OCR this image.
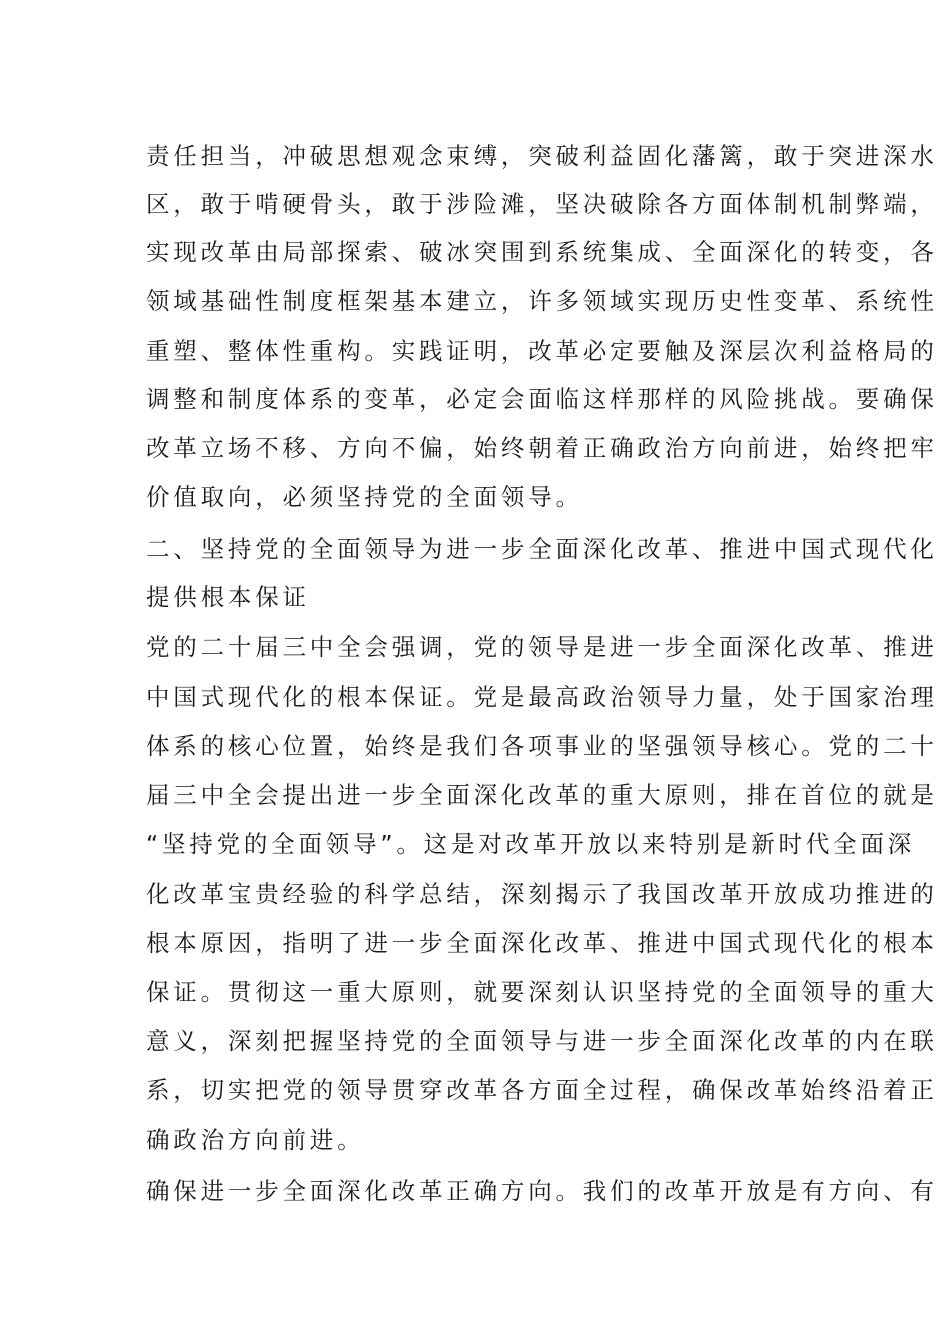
责任担当，冲破思想观念束缚，突破利益固化藩篱，敢于突进深水
区，敢于啃硬骨头，敢于涉险滩，坚决破除各方面体制机制弊端，
实现改革由局部探索、破冰突围到系统集成、全面深化的转变，各
领域基础性制度框架基本建立，许多领域实现历史性变革、系统性
重塑、整体性重构。实践证明，改革必定要触及深层次利益格局的
调整和制度体系的变革，必定会面临这样那样的风险挑战。要确保
改革立场不移、方向不偏，始终朝着正确政治方向前进，始终把牢
价值取向，必须坚持党的全面领导。
二、坚持党的全面领导为进一步全面深化改革、推进中国式现代化
提供根本保证
党的二十届三中全会强调，党的领导是进一步全面深化改革、推进
中国式现代化的根本保证。党是最高政治领导力量，处于国家治理
体系的核心位置，始终是我们各项事业的坚强领导核心。党的二十
届三中全会提出进一步全面深化改革的重大原则，排在首位的就是
“坚持党的全面领导”。这是对改革开放以来特别是新时代全面深
化改革宝贵经验的科学总结，深刻揭示了我国改革开放成功推进的
根本原因，指明了进一步全面深化改革、推进中国式现代化的根本
保证。贯彻这一重大原则，就要深刻认识坚持党的全面领导的重大
意义，深刻把握坚持党的全面领导与进一步全面深化改革的内在联
系，切实把党的领导贯穿改革各方面全过程，确保改革始终沿着正
确政治方向前进。
确保进一步全面深化改革正确方向。我们的改革开放是有方向、有
